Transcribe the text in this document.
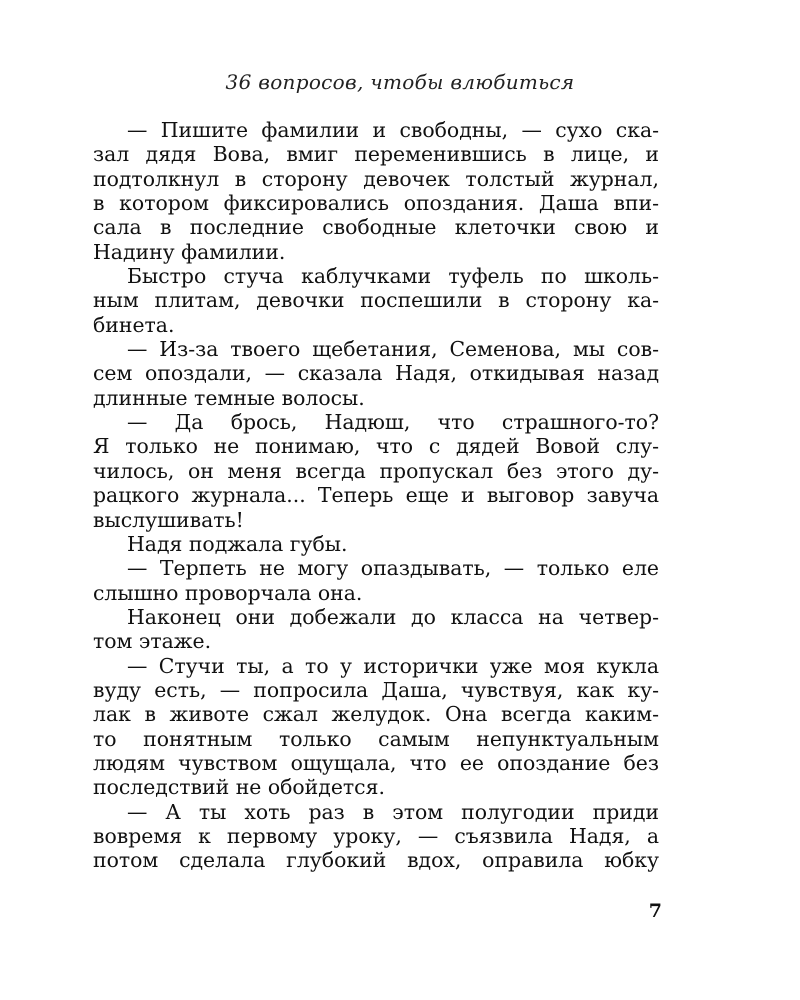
36 вопросов, чтобы влюбиться
— Пишите фамилии и свободны, — сухо ска-
зал дядя Вова, вмиг переменившись в лице, и
подтолкнул в сторону девочек толстый журнал,
в котором фиксировались опоздания. Даша впи-
сала в последние свободные клеточки свою и
Надину фамилии.
Быстро стуча каблучками туфель по школь-
ным плитам, девочки поспешили в сторону ка-
бинета.
— Из-за твоего щебетания, Семенова, мы сов-
сем опоздали, — сказала Надя, откидывая назад
длинные темные волосы.
— Да брось, Надюш, что страшного-то?
Я только не понимаю, что с дядей Вовой слу-
чилось, он меня всегда пропускал без этого ду-
рацкого журнала... Теперь еще и выговор завуча
выслушивать!
Надя поджала губы.
— Терпеть не могу опаздывать, — только еле
слышно проворчала она.
Наконец они добежали до класса на четвер-
том этаже.
— Стучи ты, а то у исторички уже моя кукла
вуду есть, — попросила Даша, чувствуя, как ку-
лак в животе сжал желудок. Она всегда каким-
то понятным только самым непунктуальным
людям чувством ощущала, что ее опоздание без
последствий не обойдется.
— А ты хоть раз в этом полугодии приди
вовремя к первому уроку, — съязвила Надя, а
потом сделала глубокий вдох, оправила юбку
7
